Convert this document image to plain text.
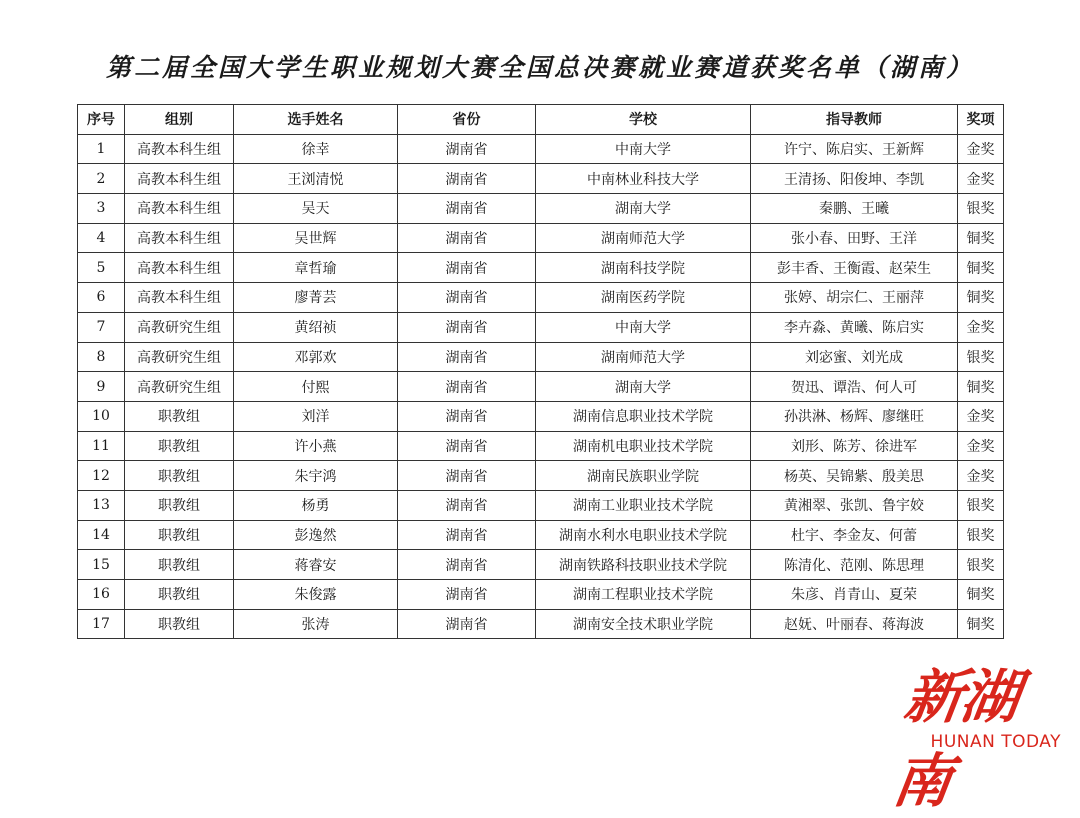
第二届全国大学生职业规划大赛全国总决赛就业赛道获奖名单（湖南）
序号	组别	选手姓名	省份	学校	指导教师	奖项
1	高教本科生组	徐幸	湖南省	中南大学	许宁、陈启实、王新辉	金奖
2	高教本科生组	王浏清悦	湖南省	中南林业科技大学	王清扬、阳俊坤、李凯	金奖
3	高教本科生组	吴天	湖南省	湖南大学	秦鹏、王曦	银奖
4	高教本科生组	吴世辉	湖南省	湖南师范大学	张小春、田野、王洋	铜奖
5	高教本科生组	章哲瑜	湖南省	湖南科技学院	彭丰香、王衡霞、赵荣生	铜奖
6	高教本科生组	廖菁芸	湖南省	湖南医药学院	张婷、胡宗仁、王丽萍	铜奖
7	高教研究生组	黄绍祯	湖南省	中南大学	李卉淼、黄曦、陈启实	金奖
8	高教研究生组	邓郭欢	湖南省	湖南师范大学	刘宓蜜、刘光成	银奖
9	高教研究生组	付熙	湖南省	湖南大学	贺迅、谭浩、何人可	铜奖
10	职教组	刘洋	湖南省	湖南信息职业技术学院	孙洪淋、杨辉、廖继旺	金奖
11	职教组	许小燕	湖南省	湖南机电职业技术学院	刘形、陈芳、徐进军	金奖
12	职教组	朱宇鸿	湖南省	湖南民族职业学院	杨英、吴锦紫、殷美思	金奖
13	职教组	杨勇	湖南省	湖南工业职业技术学院	黄湘翠、张凯、鲁宇姣	银奖
14	职教组	彭逸然	湖南省	湖南水利水电职业技术学院	杜宇、李金友、何蕾	银奖
15	职教组	蒋睿安	湖南省	湖南铁路科技职业技术学院	陈清化、范刚、陈思理	银奖
16	职教组	朱俊露	湖南省	湖南工程职业技术学院	朱彦、肖青山、夏荣	铜奖
17	职教组	张涛	湖南省	湖南安全技术职业学院	赵妩、叶丽春、蒋海波	铜奖
新湖南
HUNAN TODAY
